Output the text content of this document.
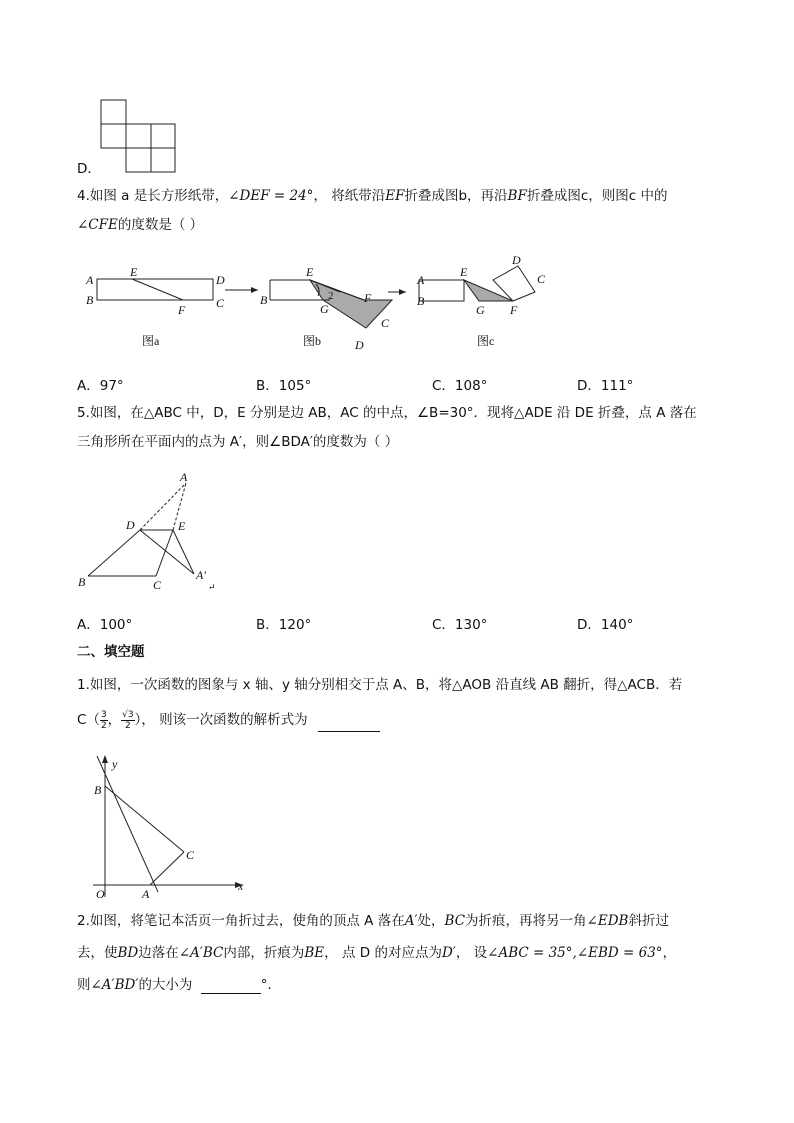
D．
4.如图 a 是长方形纸带，∠DEF = 24°， 将纸带沿EF折叠成图b，再沿BF折叠成图c，则图c 中的
∠CFE的度数是（ ）
A
E
D
B
F	C
E
B
G
F
C
D
2
A
E
D
C
B
G F
图a	图b	图c
A．97°	B．105°	C．108°	D．111°
5.如图，在△ABC 中，D，E 分别是边 AB，AC 的中点，∠B=30°．现将△ADE 沿 DE 折叠，点 A 落在
三角形所在平面内的点为 A′，则∠BDA′的度数为（ ）
A
D	E
B	C
A′
↵
A．100°	B．120°	C．130°	D．140°
二、填空题
1.如图，一次函数的图象与 x 轴、y 轴分别相交于点 A、B，将△AOB 沿直线 AB 翻折，得△ACB．若
$C( \frac{3}{2}$ ， $\frac{√3}{2}$ ）， 则该一次函数的解析式为
y
B
C
O	A
x
2.如图，将笔记本活页一角折过去，使角的顶点 A 落在A′处，BC为折痕，再将另一角∠EDB斜折过
去，使BD边落在∠A′BC内部，折痕为BE， 点 D 的对应点为D′， 设∠ABC = 35°,∠EBD = 63°，
则∠A′BD′的大小为	°．
